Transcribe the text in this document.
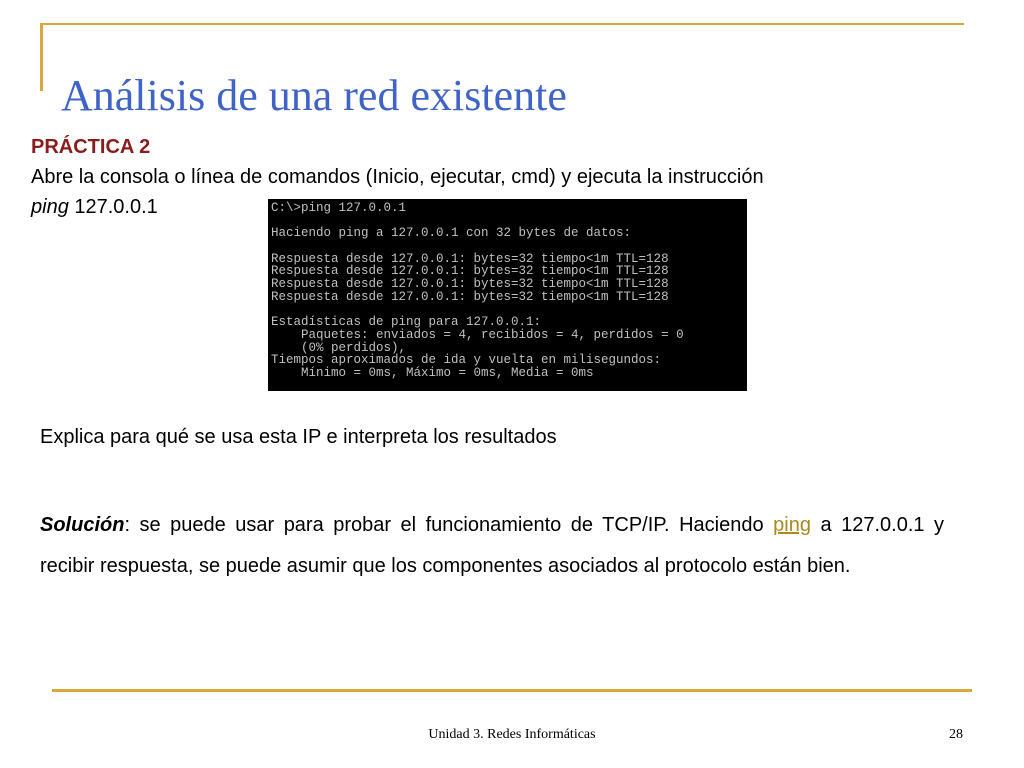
Análisis de una red existente
PRÁCTICA 2
Abre la consola o línea de comandos (Inicio, ejecutar, cmd) y ejecuta la instrucción
ping 127.0.0.1	C:\>ping 127.0.0.1
Haciendo ping a 127.0.0.1 con 32 bytes de datos:
Respuesta desde 127.0.0.1: bytes=32 tiempo<1m TTL=128
Respuesta desde 127.0.0.1: bytes=32 tiempo<1m TTL=128
Respuesta desde 127.0.0.1: bytes=32 tiempo<1m TTL=128
Respuesta desde 127.0.0.1: bytes=32 tiempo<1m TTL=128
Estadísticas de ping para 127.0.0.1:
Paquetes: enviados = 4, recibidos = 4, perdidos = 0
(0% perdidos),
Tiempos aproximados de ida y vuelta en milisegundos:
Mínimo = 0ms, Máximo = 0ms, Media = 0ms
Explica para qué se usa esta IP e interpreta los resultados
Solución: se puede usar para probar el funcionamiento de TCP/IP. Haciendo ping a 127.0.0.1 y recibir respuesta, se puede asumir que los componentes asociados al protocolo están bien.
Unidad 3. Redes Informáticas	28
